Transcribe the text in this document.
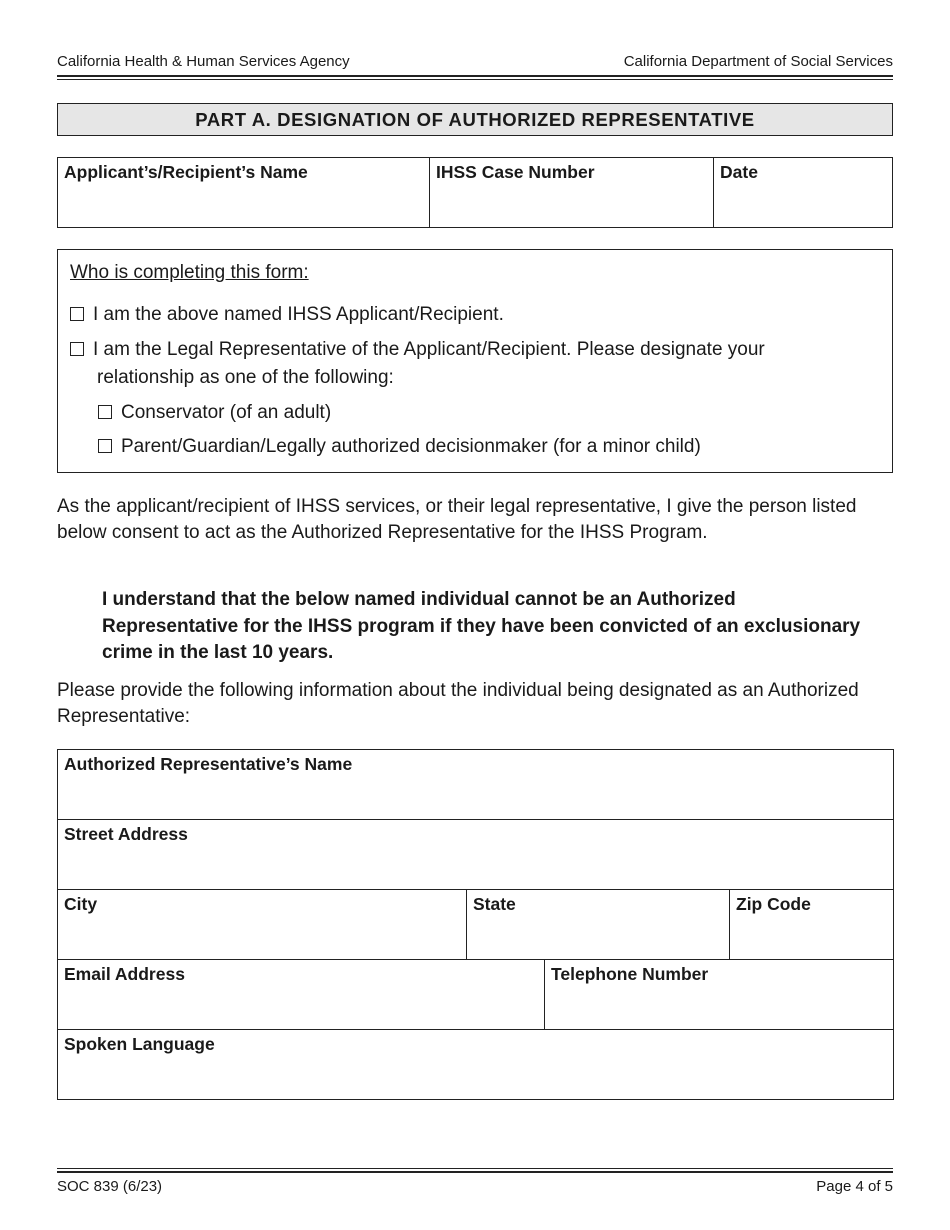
California Health & Human Services Agency	California Department of Social Services
PART A. DESIGNATION OF AUTHORIZED REPRESENTATIVE
Applicant’s/Recipient’s Name	IHSS Case Number	Date
Who is completing this form:
I am the above named IHSS Applicant/Recipient.
I am the Legal Representative of the Applicant/Recipient. Please designate your
relationship as one of the following:
Conservator (of an adult)
Parent/Guardian/Legally authorized decisionmaker (for a minor child)

As the applicant/recipient of IHSS services, or their legal representative, I give the person listed below consent to act as the Authorized Representative for the IHSS Program.

I understand that the below named individual cannot be an Authorized Representative for the IHSS program if they have been convicted of an exclusionary crime in the last 10 years.

Please provide the following information about the individual being designated as an Authorized Representative:

Authorized Representative’s Name
Street Address
City	State	Zip Code
Email Address	Telephone Number
Spoken Language
SOC 839 (6/23)	Page 4 of 5
